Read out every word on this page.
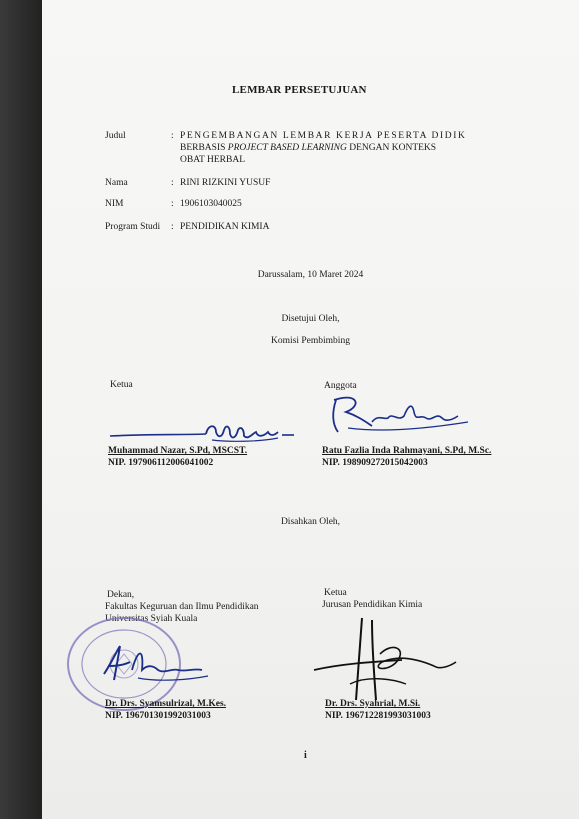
LEMBAR PERSETUJUAN
Judul	: PENGEMBANGAN LEMBAR KERJA PESERTA DIDIK
BERBASIS PROJECT BASED LEARNING DENGAN KONTEKS
OBAT HERBAL
Nama	: RINI RIZKINI YUSUF
NIM	: 1906103040025
Program Studi : PENDIDIKAN KIMIA
Darussalam, 10 Maret 2024
Disetujui Oleh,
Komisi Pembimbing
Ketua	Anggota
Muhammad Nazar, S.Pd, MSCST.
NIP. 197906112006041002
Ratu Fazlia Inda Rahmayani, S.Pd, M.Sc.
NIP. 198909272015042003
Disahkan Oleh,
Dekan,
Fakultas Keguruan dan Ilmu Pendidikan
Universitas Syiah Kuala
Ketua
Jurusan Pendidikan Kimia
Dr. Drs. Syamsulrizal, M.Kes.
NIP. 196701301992031003
Dr. Drs. Syahrial, M.Si.
NIP. 196712281993031003
i
